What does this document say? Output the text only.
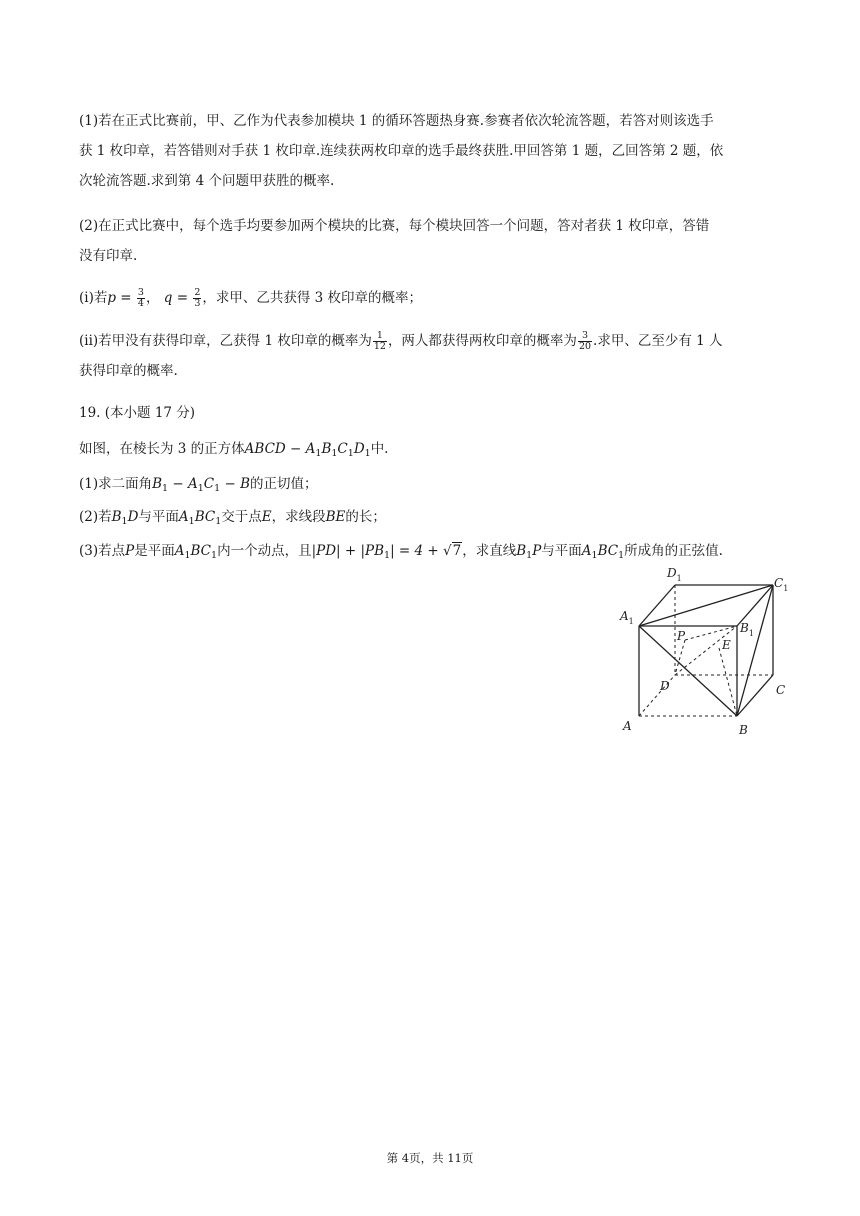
(1)若在正式比赛前，甲、乙作为代表参加模块 1 的循环答题热身赛.参赛者依次轮流答题，若答对则该选手
获 1 枚印章，若答错则对手获 1 枚印章.连续获两枚印章的选手最终获胜.甲回答第 1 题，乙回答第 2 题，依
次轮流答题.求到第 4 个问题甲获胜的概率.

(2)在正式比赛中，每个选手均要参加两个模块的比赛，每个模块回答一个问题，答对者获 1 枚印章，答错
没有印章.

(i)若$p = \frac{3}{4}$ ， $q = \frac{2}{3}$ ，求甲、乙共获得 3 枚印章的概率；

(ii)若甲没有获得印章，乙获得 1 枚印章的概率为 $\frac{1}{12}$ ，两人都获得两枚印章的概率为 $\frac{3}{20}$ .求甲、乙至少有 1 人
获得印章的概率.

19. (本小题 17 分)

如图，在棱长为 3 的正方体ABCD − $A_1B_1C_1D_1$中.

(1)求二面角$B_1 - A_1C_1 - B$的正切值；

(2)若$B_1D$与平面$A_1BC_1$交于点E，求线段BE的长；

(3)若点P是平面$A_1BC_1$内一个动点，且$|PD| + |PB_1| = 4 + √7$，求直线$B_1P$与平面$A_1BC_1$所成角的正弦值.

$A_1$
$D_1$	$C_1$
$B_1$
P
E
D	C
A	B
第 4页，共 11页
